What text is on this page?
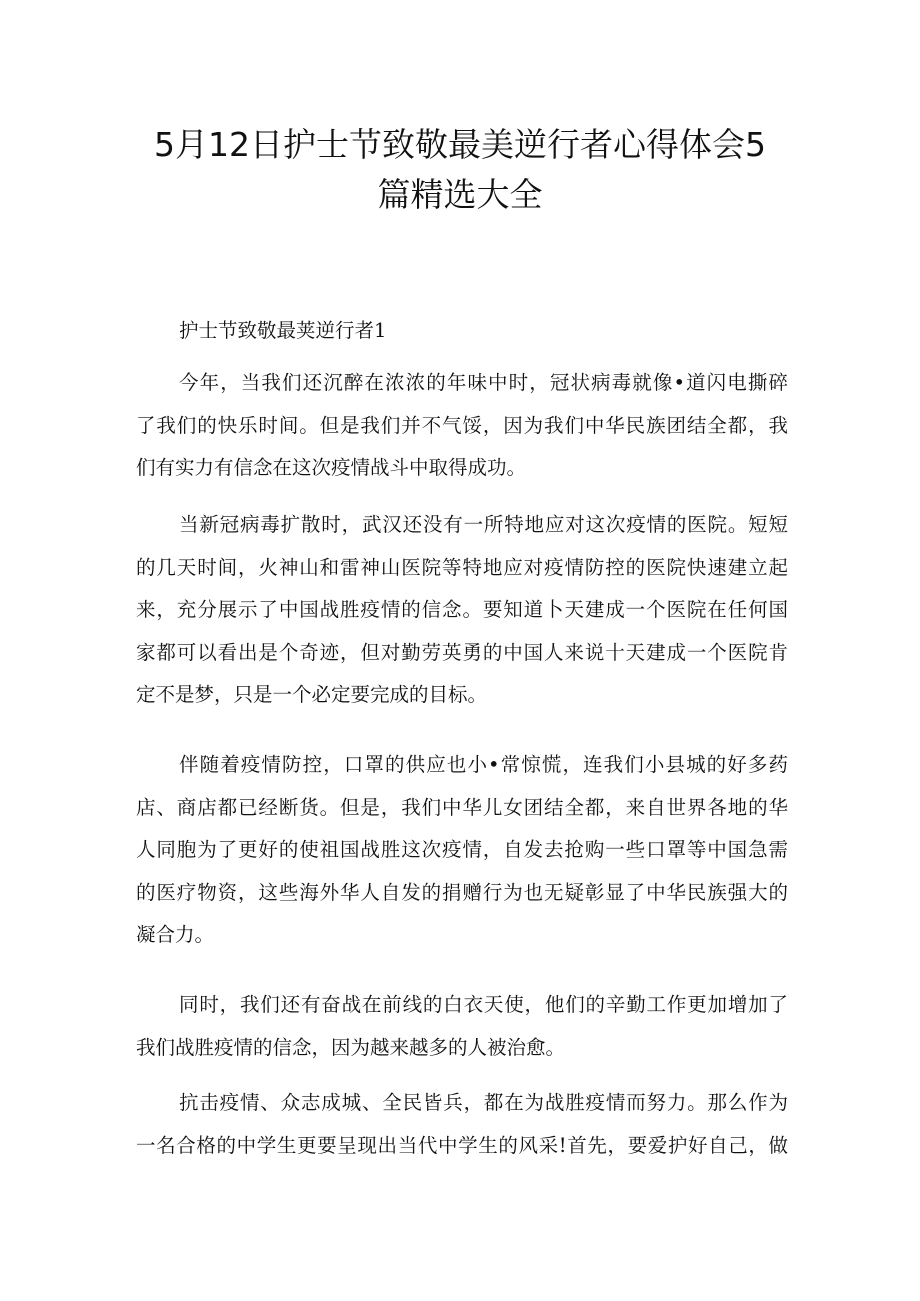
5月12日护士节致敬最美逆行者心得体会5
篇精选大全

护士节致敬最荚逆行者1

今年，当我们还沉醉在浓浓的年味中时，冠状病毒就像•道闪电撕碎
了我们的快乐时间。但是我们并不气馁，因为我们中华民族团结全都，我
们有实力有信念在这次疫情战斗中取得成功。
当新冠病毒扩散时，武汉还没有一所特地应对这次疫情的医院。短短
的几天时间，火神山和雷神山医院等特地应对疫情防控的医院快速建立起
来，充分展示了中国战胜疫情的信念。要知道卜天建成一个医院在任何国
家都可以看出是个奇迹，但对勤劳英勇的中国人来说十天建成一个医院肯
定不是梦，只是一个必定要完成的目标。
伴随着疫情防控，口罩的供应也小•常惊慌，连我们小县城的好多药
店、商店都已经断货。但是，我们中华儿女团结全都，来自世界各地的华
人同胞为了更好的使祖国战胜这次疫情，自发去抢购一些口罩等中国急需
的医疗物资，这些海外华人自发的捐赠行为也无疑彰显了中华民族强大的
凝合力。
同时，我们还有奋战在前线的白衣天使，他们的辛勤工作更加增加了
我们战胜疫情的信念，因为越来越多的人被治愈。
抗击疫情、众志成城、全民皆兵，都在为战胜疫情而努力。那么作为
一名合格的中学生更要呈现出当代中学生的风采!首先，要爱护好自己，做
